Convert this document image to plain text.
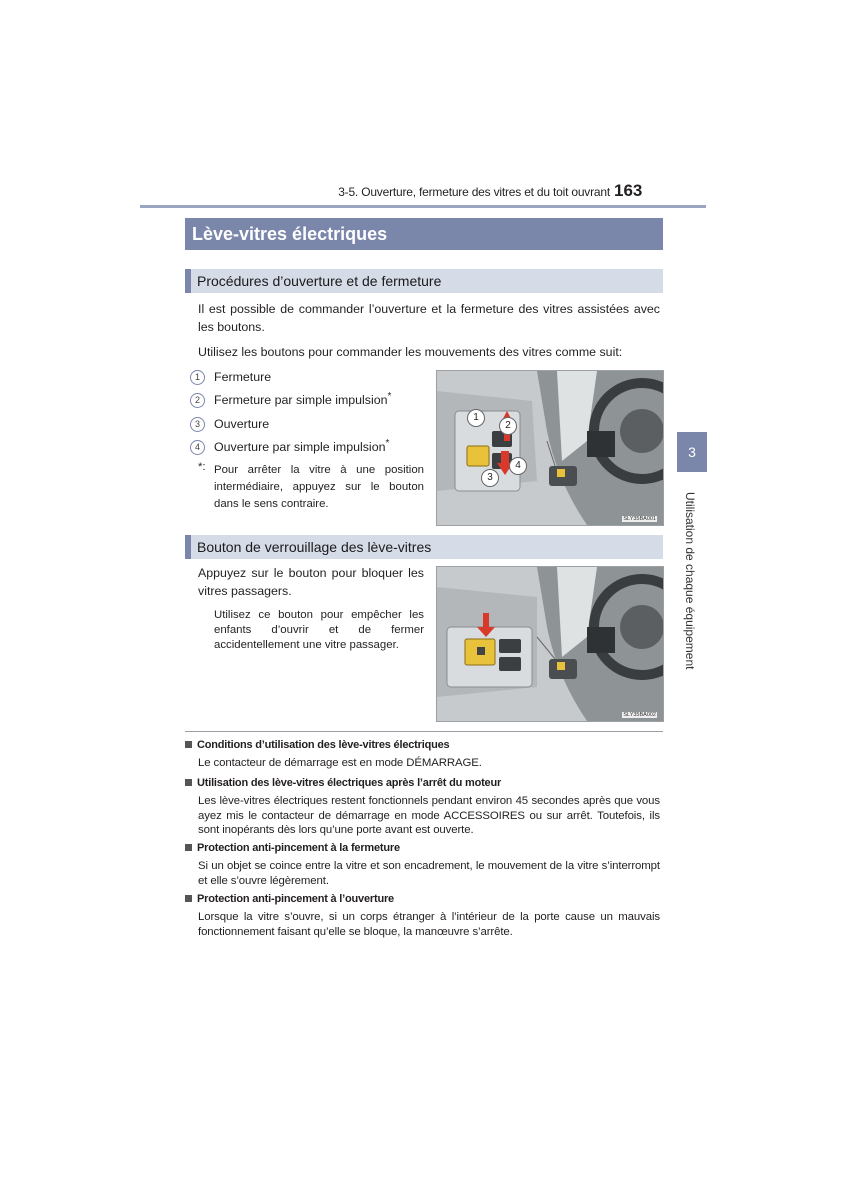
3-5. Ouverture, fermeture des vitres et du toit ouvrant 163
Lève-vitres électriques
Procédures d’ouverture et de fermeture
Il est possible de commander l’ouverture et la fermeture des vitres assistées avec les boutons.
Utilisez les boutons pour commander les mouvements des vitres comme suit:
1 Fermeture
2 Fermeture par simple impulsion*
3 Ouverture
4 Ouverture par simple impulsion*
*: Pour arrêter la vitre à une position intermédiaire, appuyez sur le bouton dans le sens contraire.
1
2
3
4
SLY35BA001
Bouton de verrouillage des lève-vitres
Appuyez sur le bouton pour bloquer les vitres passagers.
Utilisez ce bouton pour empêcher les enfants d’ouvrir et de fermer accidentellement une vitre passager.
SLY35BA002
3
Utilisation de chaque équipement
Conditions d’utilisation des lève-vitres électriques
Le contacteur de démarrage est en mode DÉMARRAGE.
Utilisation des lève-vitres électriques après l’arrêt du moteur
Les lève-vitres électriques restent fonctionnels pendant environ 45 secondes après que vous ayez mis le contacteur de démarrage en mode ACCESSOIRES ou sur arrêt. Toutefois, ils sont inopérants dès lors qu’une porte avant est ouverte.
Protection anti-pincement à la fermeture
Si un objet se coince entre la vitre et son encadrement, le mouvement de la vitre s’interrompt et elle s’ouvre légèrement.
Protection anti-pincement à l’ouverture
Lorsque la vitre s’ouvre, si un corps étranger à l’intérieur de la porte cause un mauvais fonctionnement faisant qu’elle se bloque, la manœuvre s’arrête.
